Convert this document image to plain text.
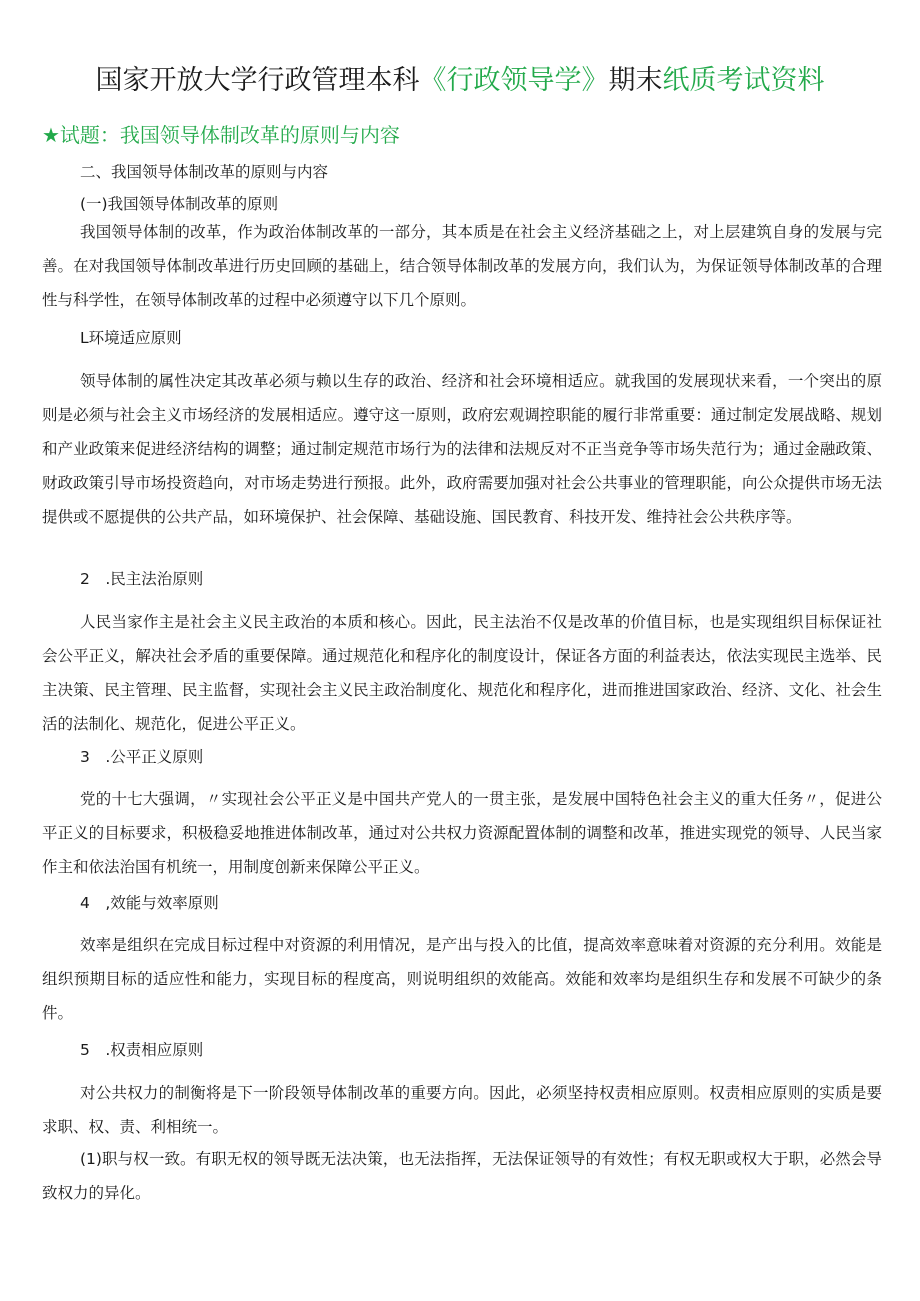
国家开放大学行政管理本科《行政领导学》期末纸质考试资料
★试题：我国领导体制改革的原则与内容
二、我国领导体制改革的原则与内容
(一)我国领导体制改革的原则

我国领导体制的改革，作为政治体制改革的一部分，其本质是在社会主义经济基础之上，对上层建筑自身的发展与完善。在对我国领导体制改革进行历史回顾的基础上，结合领导体制改革的发展方向，我们认为，为保证领导体制改革的合理性与科学性，在领导体制改革的过程中必须遵守以下几个原则。

L环境适应原则

领导体制的属性决定其改革必须与赖以生存的政治、经济和社会环境相适应。就我国的发展现状来看，一个突出的原则是必须与社会主义市场经济的发展相适应。遵守这一原则，政府宏观调控职能的履行非常重要：通过制定发展战略、规划和产业政策来促进经济结构的调整；通过制定规范市场行为的法律和法规反对不正当竞争等市场失范行为；通过金融政策、财政政策引导市场投资趋向，对市场走势进行预报。此外，政府需要加强对社会公共事业的管理职能，向公众提供市场无法提供或不愿提供的公共产品，如环境保护、社会保障、基础设施、国民教育、科技开发、维持社会公共秩序等。

2　.民主法治原则

人民当家作主是社会主义民主政治的本质和核心。因此，民主法治不仅是改革的价值目标，也是实现组织目标保证社会公平正义，解决社会矛盾的重要保障。通过规范化和程序化的制度设计，保证各方面的利益表达，依法实现民主选举、民主决策、民主管理、民主监督，实现社会主义民主政治制度化、规范化和程序化，进而推进国家政治、经济、文化、社会生活的法制化、规范化，促进公平正义。

3　.公平正义原则

党的十七大强调，〃实现社会公平正义是中国共产党人的一贯主张，是发展中国特色社会主义的重大任务〃，促进公平正义的目标要求，积极稳妥地推进体制改革，通过对公共权力资源配置体制的调整和改革，推进实现党的领导、人民当家作主和依法治国有机统一，用制度创新来保障公平正义。

4　,效能与效率原则

效率是组织在完成目标过程中对资源的利用情况，是产出与投入的比值，提高效率意味着对资源的充分利用。效能是组织预期目标的适应性和能力，实现目标的程度高，则说明组织的效能高。效能和效率均是组织生存和发展不可缺少的条件。

5　.权责相应原则

对公共权力的制衡将是下一阶段领导体制改革的重要方向。因此，必须坚持权责相应原则。权责相应原则的实质是要求职、权、责、利相统一。

(1)职与权一致。有职无权的领导既无法决策，也无法指挥，无法保证领导的有效性；有权无职或权大于职，必然会导致权力的异化。
